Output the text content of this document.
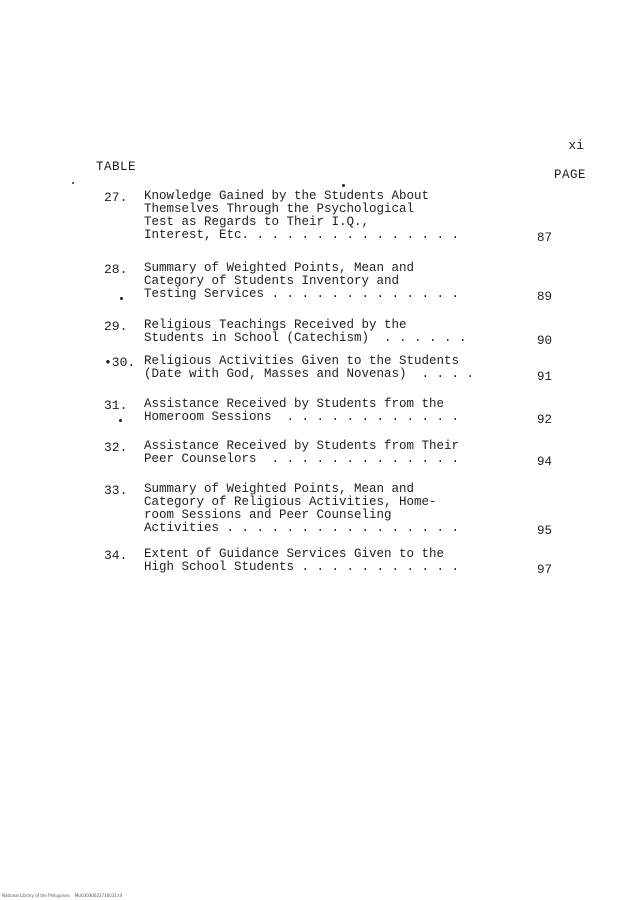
xi
TABLE
PAGE
27. Knowledge Gained by the Students About
Themselves Through the Psychological
Test as Regards to Their I.Q.,
Interest, Etc. . . . . . . . . . . . . . .	87
28. Summary of Weighted Points, Mean and
Category of Students Inventory and
Testing Services . . . . . . . . . . . . .	89
29. Religious Teachings Received by the
Students in School (Catechism)  . . . . . .	90
•30. Religious Activities Given to the Students
(Date with God, Masses and Novenas)  . . . .	91
31. Assistance Received by Students from the
Homeroom Sessions  . . . . . . . . . . . .	92
32. Assistance Received by Students from Their
Peer Counselors  . . . . . . . . . . . . .	94
33. Summary of Weighted Points, Mean and
Category of Religious Activities, Home-
room Sessions and Peer Counseling
Activities . . . . . . . . . . . . . . . .	95
34. Extent of Guidance Services Given to the
High School Students . . . . . . . . . . .	97
National Library of the Philippines    MU03030021716031.tif
